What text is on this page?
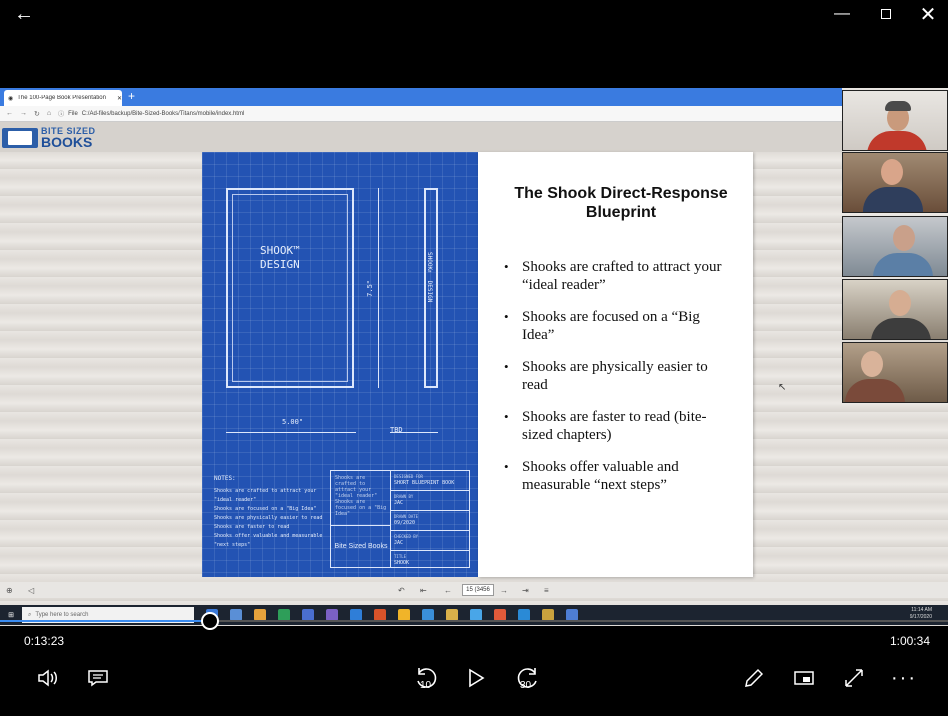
←	—	✕
◉ The 100-Page Book Presentation	✕ +
← → ↻ ⌂ ⓘ File C:/Ad-files/backup/Bite-Sized-Books/Titans/mobile/index.html
BITE SIZED
BOOKS
SHOOK™ DESIGN	SHOOK™ DESIGN
7.5"
5.00"
TBD
NOTES:
Shooks are crafted to attract your "ideal reader"
Shooks are focused on a "Big Idea"
Shooks are physically easier to read
Shooks are faster to read
Shooks offer valuable and measurable "next steps"
Shooks are crafted to attract your "ideal reader" Shooks are focused on a "Big Idea"
Bite Sized Books
DESIGNED FOR
SHORT BLUEPRINT BOOK
DRAWN BY
JAC
DRAWN DATE
09/2020
CHECKED BY
JAC
TITLE
SHOOK
The Shook Direct-Response Blueprint
• Shooks are crafted to attract your “ideal reader”
• Shooks are focused on a “Big Idea”
• Shooks are physically easier to read
• Shooks are faster to read (bite-sized chapters)
• Shooks offer valuable and measurable “next steps”
↖
⊕ ◁	↶ ⇤ ←	15 (3456	→ ⇥ ≡
⊞	⌕ Type here to search
11:14 AM
9/17/2020
0:13:23	1:00:34
10	30	···
